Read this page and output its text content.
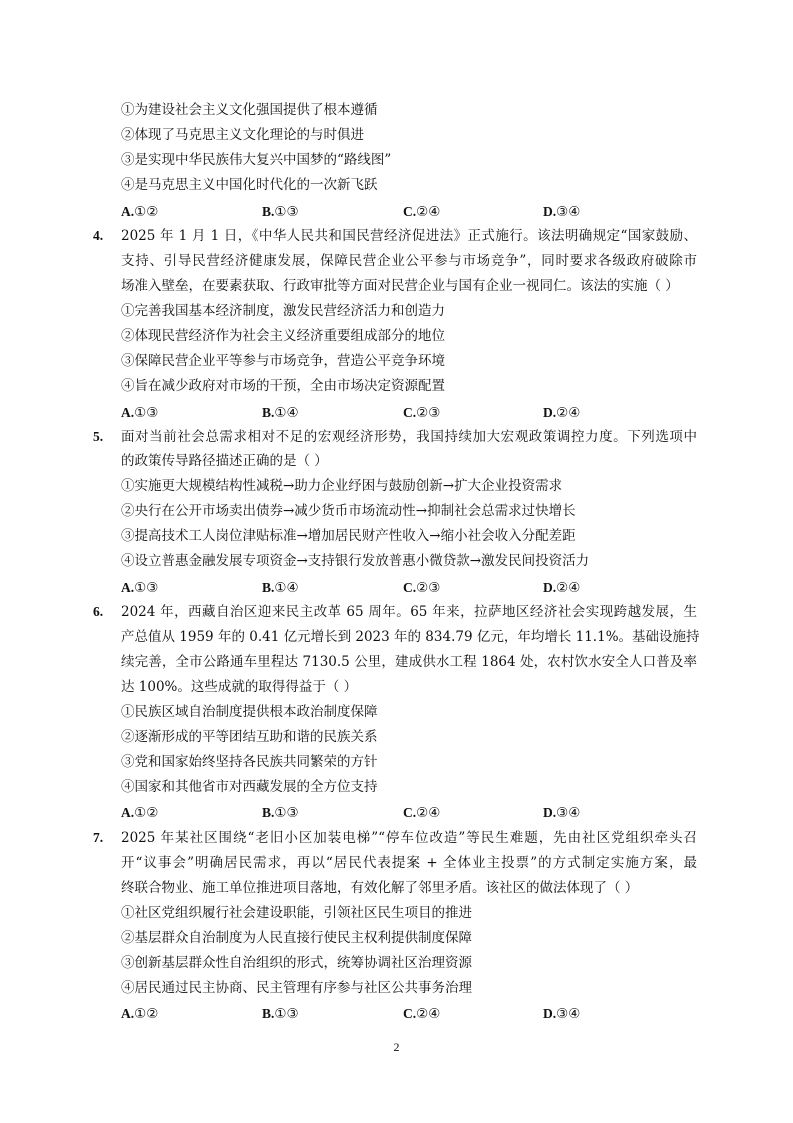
①为建设社会主义文化强国提供了根本遵循
②体现了马克思主义文化理论的与时俱进
③是实现中华民族伟大复兴中国梦的“路线图”
④是马克思主义中国化时代化的一次新飞跃
A.①②	B.①③	C.②④	D.③④
4. 2025 年 1 月 1 日，《中华人民共和国民营经济促进法》正式施行。该法明确规定“国家鼓励、
支持、引导民营经济健康发展，保障民营企业公平参与市场竞争”，同时要求各级政府破除市
场准入壁垒，在要素获取、行政审批等方面对民营企业与国有企业一视同仁。该法的实施（ ）
①完善我国基本经济制度，激发民营经济活力和创造力
②体现民营经济作为社会主义经济重要组成部分的地位
③保障民营企业平等参与市场竞争，营造公平竞争环境
④旨在减少政府对市场的干预，全由市场决定资源配置
A.①③	B.①④	C.②③	D.②④
5. 面对当前社会总需求相对不足的宏观经济形势，我国持续加大宏观政策调控力度。下列选项中
的政策传导路径描述正确的是（ ）
①实施更大规模结构性减税→助力企业纾困与鼓励创新→扩大企业投资需求
②央行在公开市场卖出债券→减少货币市场流动性→抑制社会总需求过快增长
③提高技术工人岗位津贴标准→增加居民财产性收入→缩小社会收入分配差距
④设立普惠金融发展专项资金→支持银行发放普惠小微贷款→激发民间投资活力
A.①③	B.①④	C.②③	D.②④
6. 2024 年，西藏自治区迎来民主改革 65 周年。65 年来，拉萨地区经济社会实现跨越发展，生
产总值从 1959 年的 0.41 亿元增长到 2023 年的 834.79 亿元，年均增长 11.1%。基础设施持
续完善，全市公路通车里程达 7130.5 公里，建成供水工程 1864 处，农村饮水安全人口普及率
达 100%。这些成就的取得得益于（ ）
①民族区域自治制度提供根本政治制度保障
②逐渐形成的平等团结互助和谐的民族关系
③党和国家始终坚持各民族共同繁荣的方针
④国家和其他省市对西藏发展的全方位支持
A.①②	B.①③	C.②④	D.③④
7. 2025 年某社区围绕“老旧小区加装电梯”“停车位改造”等民生难题，先由社区党组织牵头召
开“议事会”明确居民需求，再以“居民代表提案 + 全体业主投票”的方式制定实施方案，最
终联合物业、施工单位推进项目落地，有效化解了邻里矛盾。该社区的做法体现了（ ）
①社区党组织履行社会建设职能，引领社区民生项目的推进
②基层群众自治制度为人民直接行使民主权利提供制度保障
③创新基层群众性自治组织的形式，统筹协调社区治理资源
④居民通过民主协商、民主管理有序参与社区公共事务治理
A.①②	B.①③	C.②④	D.③④
2
